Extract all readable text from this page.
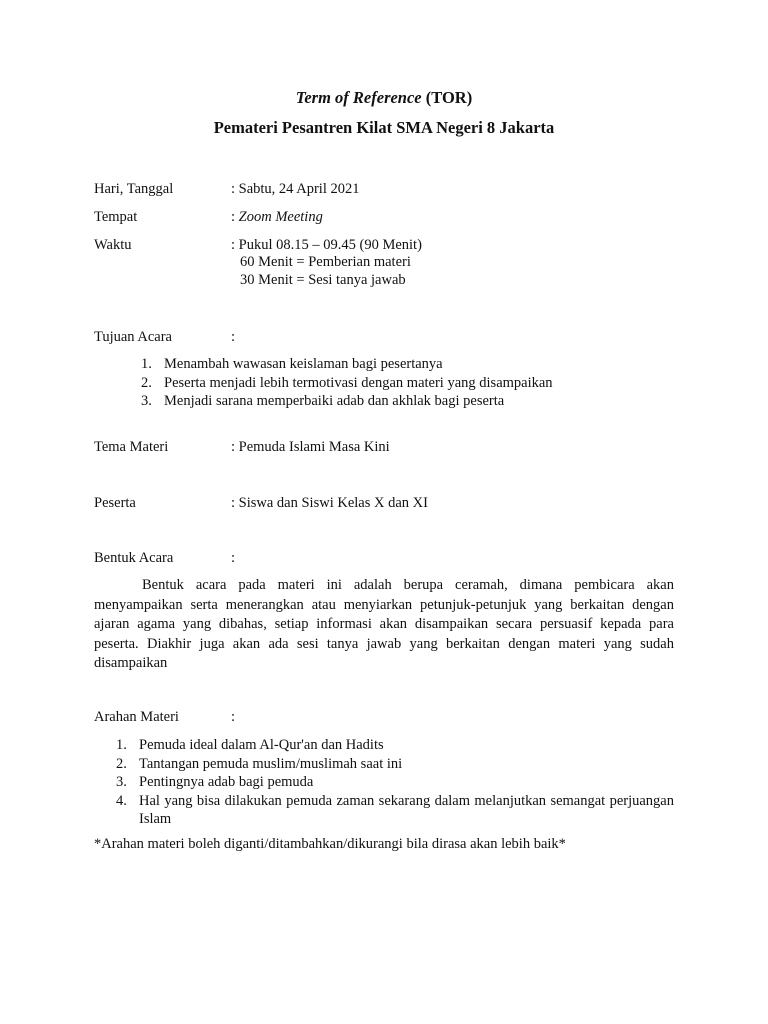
Term of Reference (TOR)
Pemateri Pesantren Kilat SMA Negeri 8 Jakarta
Hari, Tanggal	: Sabtu, 24 April 2021
Tempat	: Zoom Meeting
Waktu	: Pukul 08.15 – 09.45 (90 Menit)
60 Menit = Pemberian materi
30 Menit = Sesi tanya jawab
Tujuan Acara	:
1. Menambah wawasan keislaman bagi pesertanya
2. Peserta menjadi lebih termotivasi dengan materi yang disampaikan
3. Menjadi sarana memperbaiki adab dan akhlak bagi peserta
Tema Materi	: Pemuda Islami Masa Kini
Peserta	: Siswa dan Siswi Kelas X dan XI
Bentuk Acara	:
Bentuk acara pada materi ini adalah berupa ceramah, dimana pembicara akan menyampaikan serta menerangkan atau menyiarkan petunjuk-petunjuk yang berkaitan dengan ajaran agama yang dibahas, setiap informasi akan disampaikan secara persuasif kepada para peserta. Diakhir juga akan ada sesi tanya jawab yang berkaitan dengan materi yang sudah disampaikan
Arahan Materi	:
1. Pemuda ideal dalam Al-Qur'an dan Hadits
2. Tantangan pemuda muslim/muslimah saat ini
3. Pentingnya adab bagi pemuda
4. Hal yang bisa dilakukan pemuda zaman sekarang dalam melanjutkan semangat perjuangan Islam
*Arahan materi boleh diganti/ditambahkan/dikurangi bila dirasa akan lebih baik*
